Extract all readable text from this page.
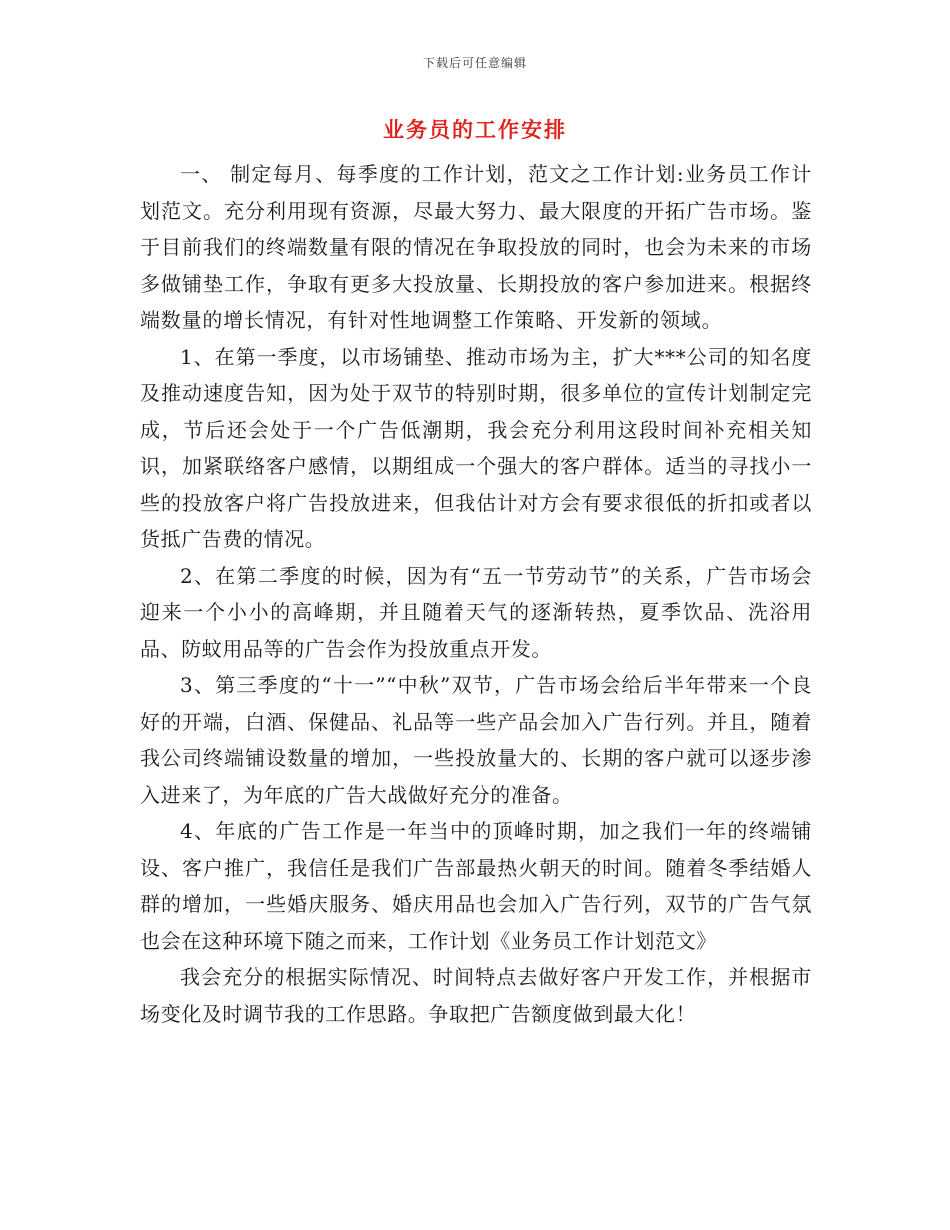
下载后可任意编辑
业务员的工作安排

一、 制定每月、每季度的工作计划，范文之工作计划:业务员工作计划范文。充分利用现有资源，尽最大努力、最大限度的开拓广告市场。鉴于目前我们的终端数量有限的情况在争取投放的同时，也会为未来的市场多做铺垫工作，争取有更多大投放量、长期投放的客户参加进来。根据终端数量的增长情况，有针对性地调整工作策略、开发新的领域。

1、在第一季度，以市场铺垫、推动市场为主，扩大***公司的知名度及推动速度告知，因为处于双节的特别时期，很多单位的宣传计划制定完成，节后还会处于一个广告低潮期，我会充分利用这段时间补充相关知识，加紧联络客户感情，以期组成一个强大的客户群体。适当的寻找小一些的投放客户将广告投放进来，但我估计对方会有要求很低的折扣或者以货抵广告费的情况。

2、在第二季度的时候，因为有“五一节劳动节”的关系，广告市场会迎来一个小小的高峰期，并且随着天气的逐渐转热，夏季饮品、洗浴用品、防蚊用品等的广告会作为投放重点开发。

3、第三季度的“十一”“中秋”双节，广告市场会给后半年带来一个良好的开端，白酒、保健品、礼品等一些产品会加入广告行列。并且，随着我公司终端铺设数量的增加，一些投放量大的、长期的客户就可以逐步渗入进来了，为年底的广告大战做好充分的准备。

4、年底的广告工作是一年当中的顶峰时期，加之我们一年的终端铺设、客户推广，我信任是我们广告部最热火朝天的时间。随着冬季结婚人群的增加，一些婚庆服务、婚庆用品也会加入广告行列，双节的广告气氛也会在这种环境下随之而来，工作计划《业务员工作计划范文》

我会充分的根据实际情况、时间特点去做好客户开发工作，并根据市场变化及时调节我的工作思路。争取把广告额度做到最大化！
